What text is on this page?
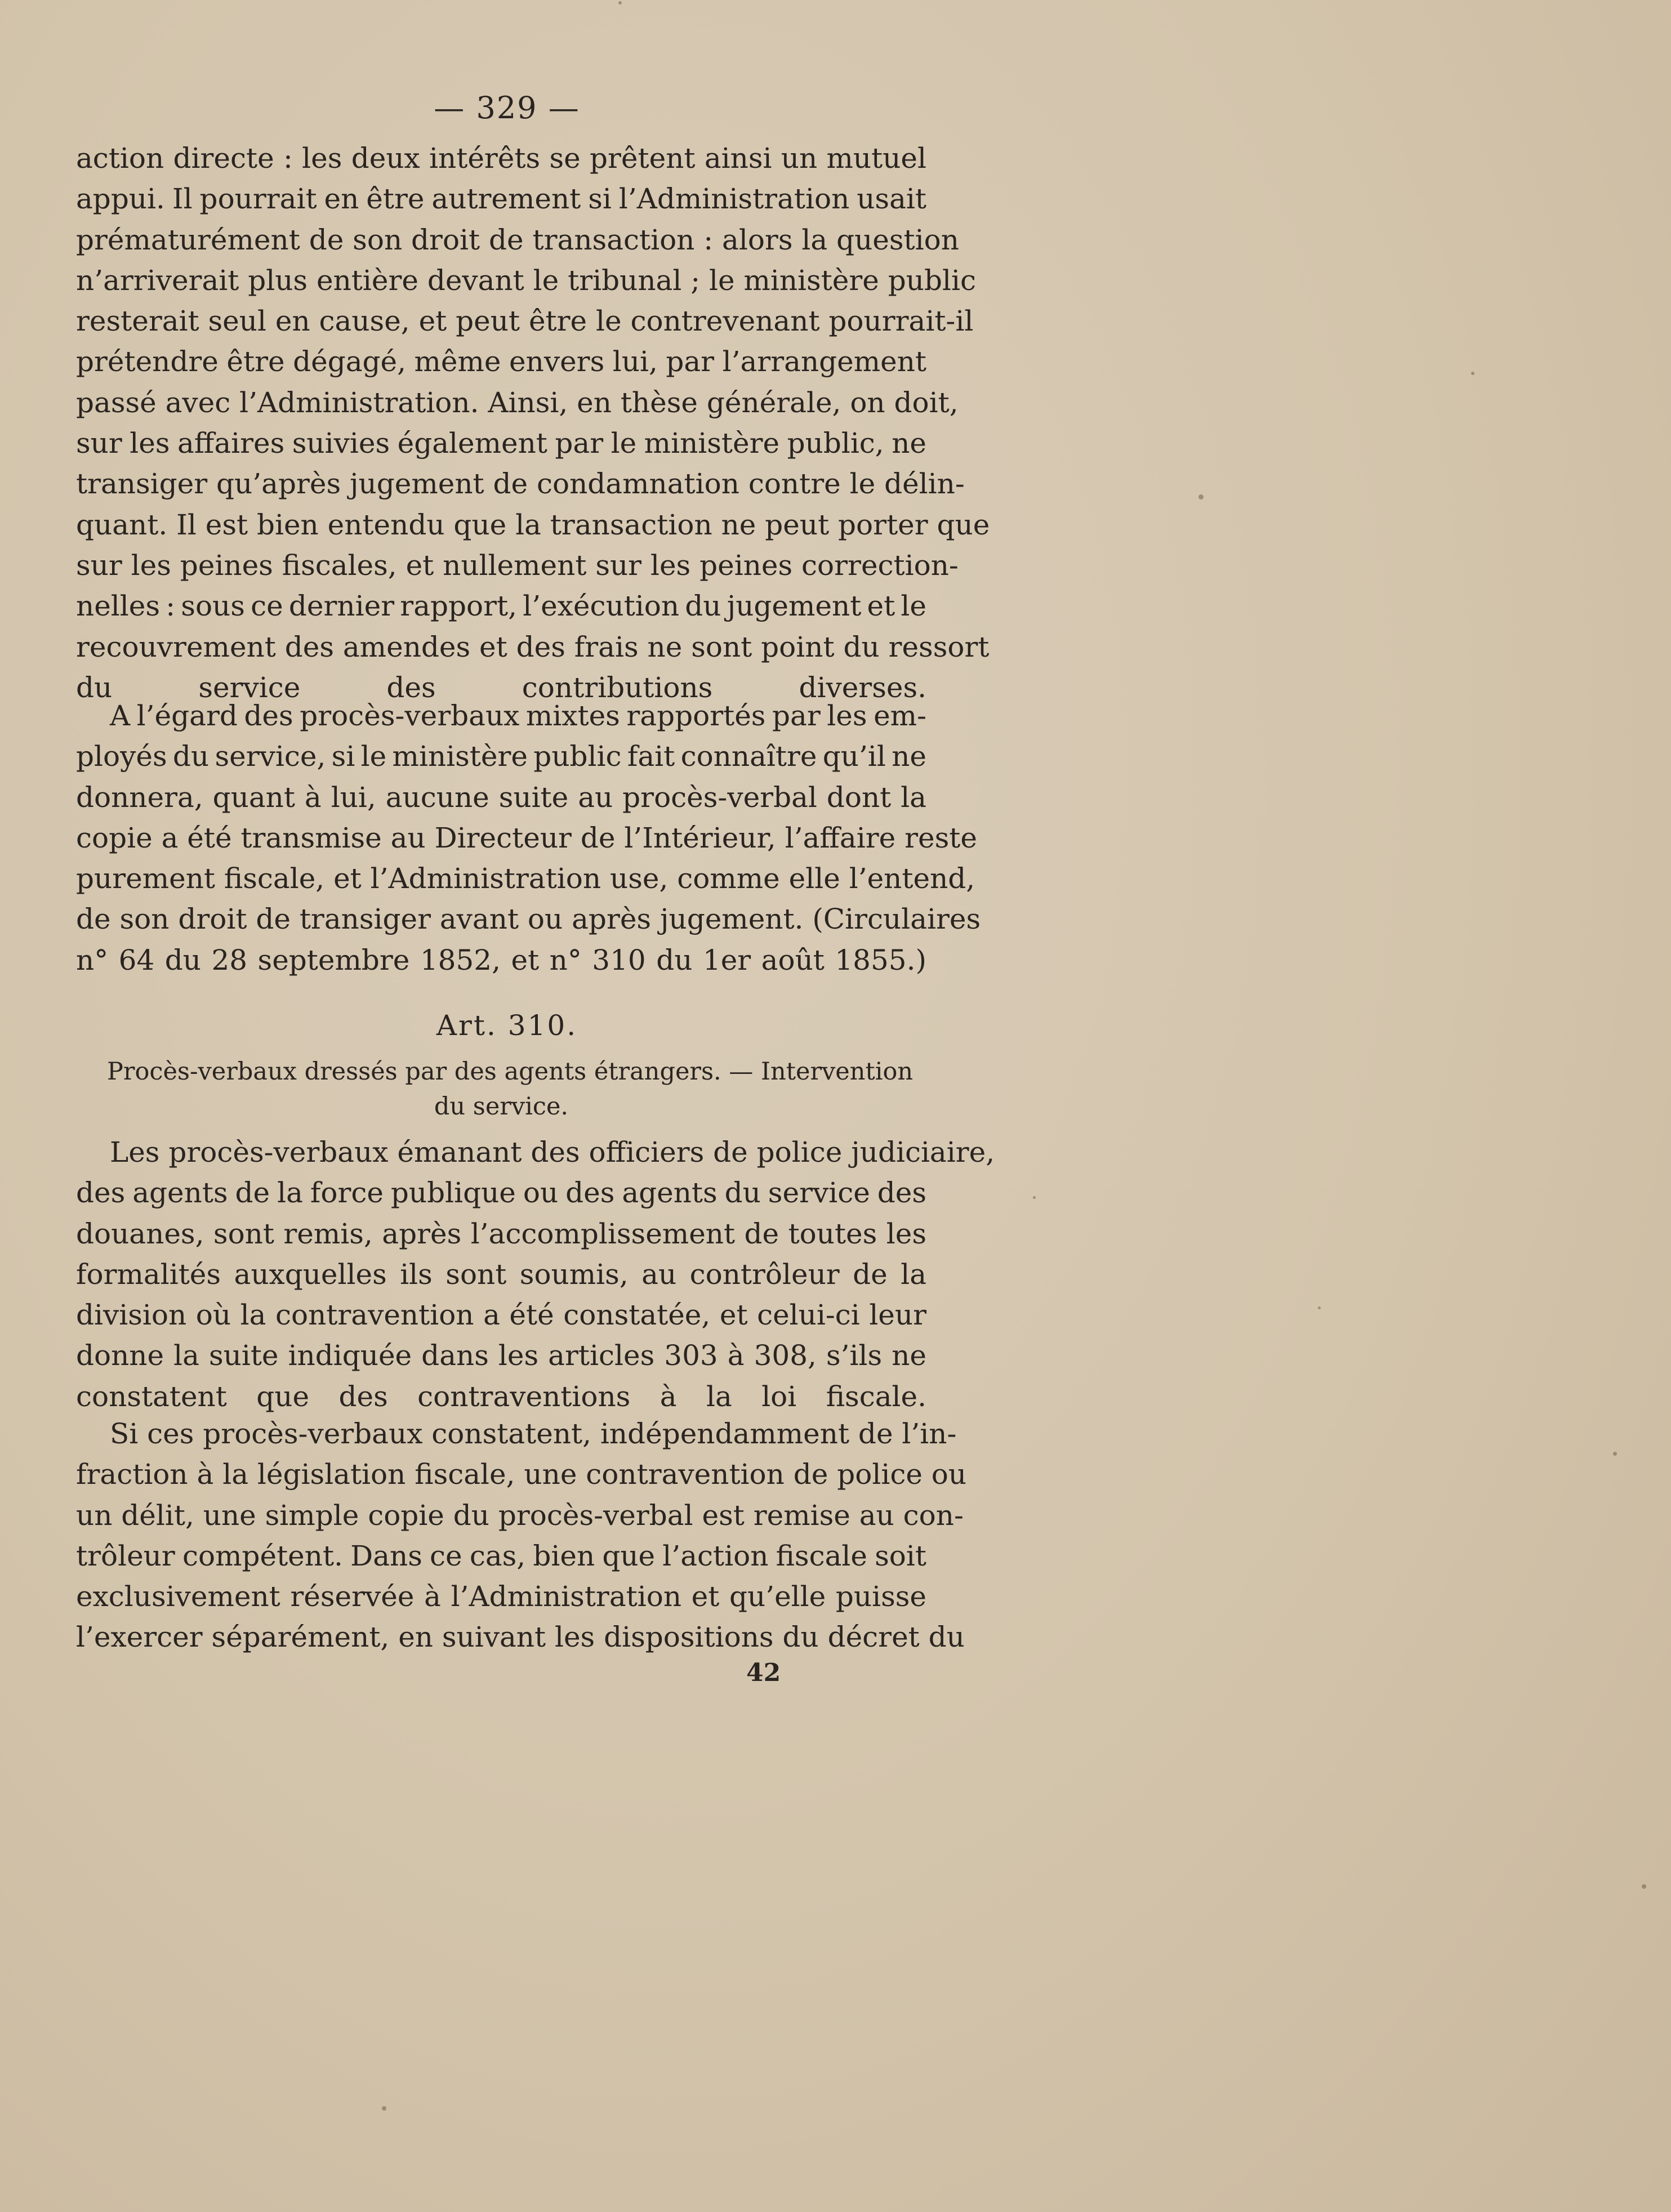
— 329 —
action directe : les deux intérêts se prêtent ainsi un mutuel
appui. Il pourrait en être autrement si l’Administration usait
prématurément de son droit de transaction : alors la question
n’arriverait plus entière devant le tribunal ; le ministère public
resterait seul en cause, et peut être le contrevenant pourrait-il
prétendre être dégagé, même envers lui, par l’arrangement
passé avec l’Administration. Ainsi, en thèse générale, on doit,
sur les affaires suivies également par le ministère public, ne
transiger qu’après jugement de condamnation contre le délin-
quant. Il est bien entendu que la transaction ne peut porter que
sur les peines fiscales, et nullement sur les peines correction-
nelles : sous ce dernier rapport, l’exécution du jugement et le
recouvrement des amendes et des frais ne sont point du ressort
du service des contributions diverses.
A l’égard des procès-verbaux mixtes rapportés par les em-
ployés du service, si le ministère public fait connaître qu’il ne
donnera, quant à lui, aucune suite au procès-verbal dont la
copie a été transmise au Directeur de l’Intérieur, l’affaire reste
purement fiscale, et l’Administration use, comme elle l’entend,
de son droit de transiger avant ou après jugement. (Circulaires
n° 64 du 28 septembre 1852, et n° 310 du 1er août 1855.)
Art. 310.
Procès-verbaux dressés par des agents étrangers. — Intervention
du service.
Les procès-verbaux émanant des officiers de police judiciaire,
des agents de la force publique ou des agents du service des
douanes, sont remis, après l’accomplissement de toutes les
formalités auxquelles ils sont soumis, au contrôleur de la
division où la contravention a été constatée, et celui-ci leur
donne la suite indiquée dans les articles 303 à 308, s’ils ne
constatent que des contraventions à la loi fiscale.
Si ces procès-verbaux constatent, indépendamment de l’in-
fraction à la législation fiscale, une contravention de police ou
un délit, une simple copie du procès-verbal est remise au con-
trôleur compétent. Dans ce cas, bien que l’action fiscale soit
exclusivement réservée à l’Administration et qu’elle puisse
l’exercer séparément, en suivant les dispositions du décret du
42
